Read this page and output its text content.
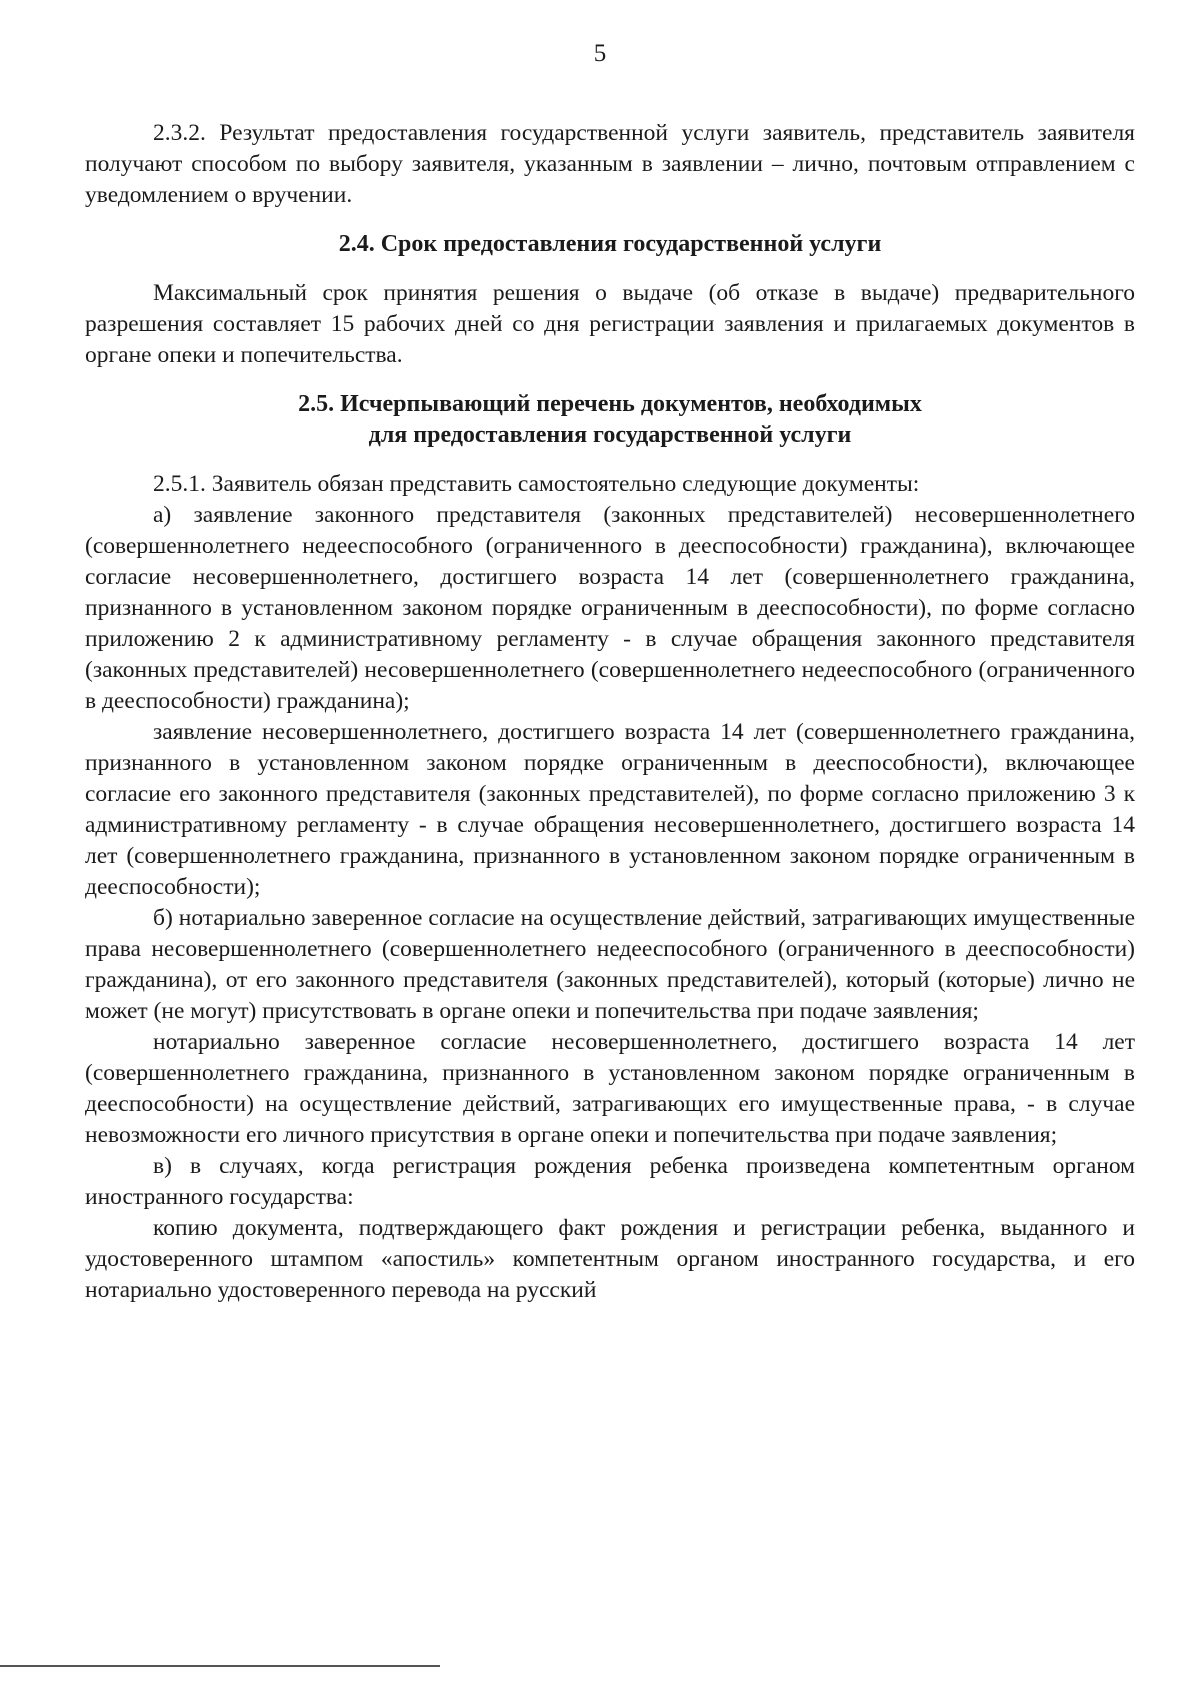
5

2.3.2. Результат предоставления государственной услуги заявитель, представитель заявителя получают способом по выбору заявителя, указанным в заявлении – лично, почтовым отправлением с уведомлением о вручении.

2.4. Срок предоставления государственной услуги

Максимальный срок принятия решения о выдаче (об отказе в выдаче) предварительного разрешения составляет 15 рабочих дней со дня регистрации заявления и прилагаемых документов в органе опеки и попечительства.

2.5. Исчерпывающий перечень документов, необходимых
для предоставления государственной услуги

2.5.1. Заявитель обязан представить самостоятельно следующие документы:

а) заявление законного представителя (законных представителей) несовершеннолетнего (совершеннолетнего недееспособного (ограниченного в дееспособности) гражданина), включающее согласие несовершеннолетнего, достигшего возраста 14 лет (совершеннолетнего гражданина, признанного в установленном законом порядке ограниченным в дееспособности), по форме согласно приложению 2 к административному регламенту - в случае обращения законного представителя (законных представителей) несовершеннолетнего (совершеннолетнего недееспособного (ограниченного в дееспособности) гражданина);

заявление несовершеннолетнего, достигшего возраста 14 лет (совершеннолетнего гражданина, признанного в установленном законом порядке ограниченным в дееспособности), включающее согласие его законного представителя (законных представителей), по форме согласно приложению 3 к административному регламенту - в случае обращения несовершеннолетнего, достигшего возраста 14 лет (совершеннолетнего гражданина, признанного в установленном законом порядке ограниченным в дееспособности);

б) нотариально заверенное согласие на осуществление действий, затрагивающих имущественные права несовершеннолетнего (совершеннолетнего недееспособного (ограниченного в дееспособности) гражданина), от его законного представителя (законных представителей), который (которые) лично не может (не могут) присутствовать в органе опеки и попечительства при подаче заявления;

нотариально заверенное согласие несовершеннолетнего, достигшего возраста 14 лет (совершеннолетнего гражданина, признанного в установленном законом порядке ограниченным в дееспособности) на осуществление действий, затрагивающих его имущественные права, - в случае невозможности его личного присутствия в органе опеки и попечительства при подаче заявления;

в) в случаях, когда регистрация рождения ребенка произведена компетентным органом иностранного государства:

копию документа, подтверждающего факт рождения и регистрации ребенка, выданного и удостоверенного штампом «апостиль» компетентным органом иностранного государства, и его нотариально удостоверенного перевода на русский
